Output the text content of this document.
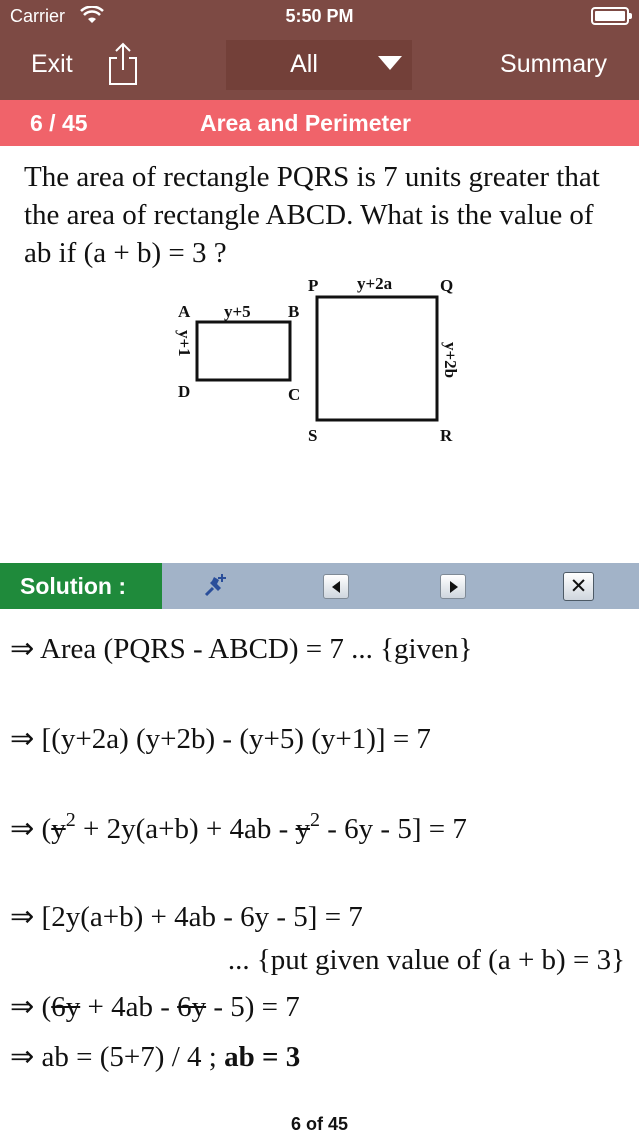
Carrier	5:50 PM
Exit	All	Summary
6 / 45	Area and Perimeter
The area of rectangle PQRS is 7 units greater that the area of rectangle ABCD. What is the value of ab if (a + b) = 3 ?
A	B
C
D
y+5
y+1
P	Q
R
S
y+2a
y+2b
Solution :	✕
⇒ Area (PQRS - ABCD) = 7 ... {given}
⇒ [(y+2a) (y+2b) - (y+5) (y+1)] = 7
⇒ $(y^2 + 2y(a+b) + 4ab - y^2 - 6y - 5] = 7$
⇒ [2y(a+b) + 4ab - 6y - 5] = 7
... {put given value of (a + b) = 3}
⇒ (6y + 4ab - 6y - 5) = 7
⇒ ab = (5+7) / 4 ; ab = 3
6 of 45
